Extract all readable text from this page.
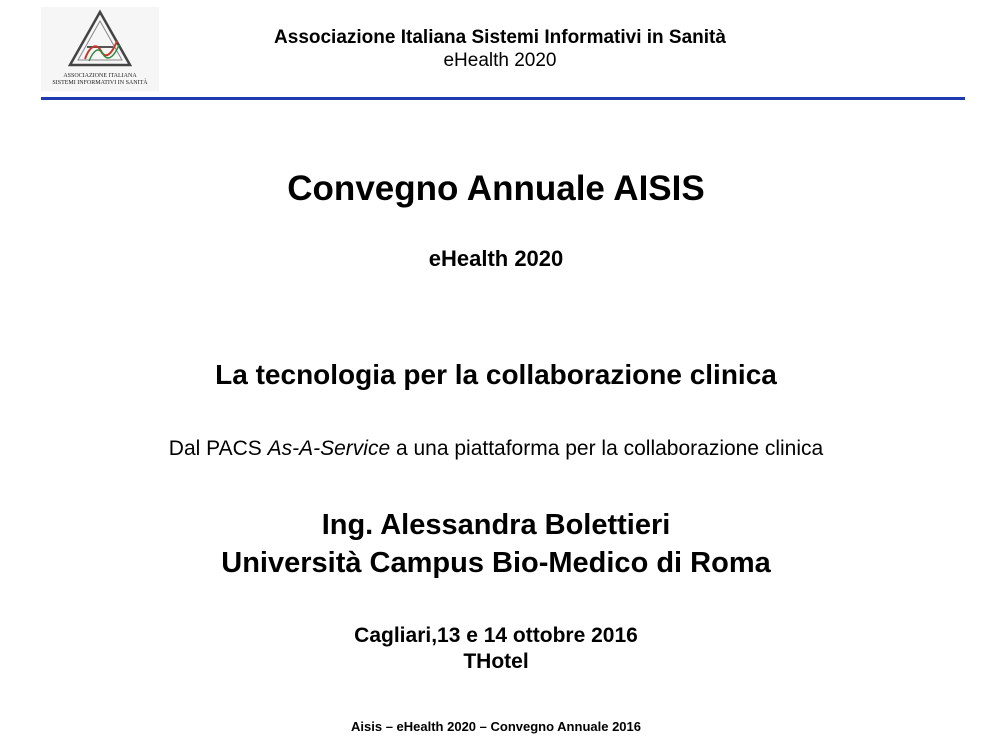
ASSOCIAZIONE ITALIANA
SISTEMI INFORMATIVI IN SANITÀ
Associazione Italiana Sistemi Informativi in Sanità
eHealth 2020
Convegno Annuale AISIS
eHealth 2020
La tecnologia per la collaborazione clinica
Dal PACS As-A-Service a una piattaforma per la collaborazione clinica
Ing. Alessandra Bolettieri
Università Campus Bio-Medico di Roma
Cagliari,13 e 14 ottobre 2016
THotel
Aisis – eHealth 2020 – Convegno Annuale 2016
